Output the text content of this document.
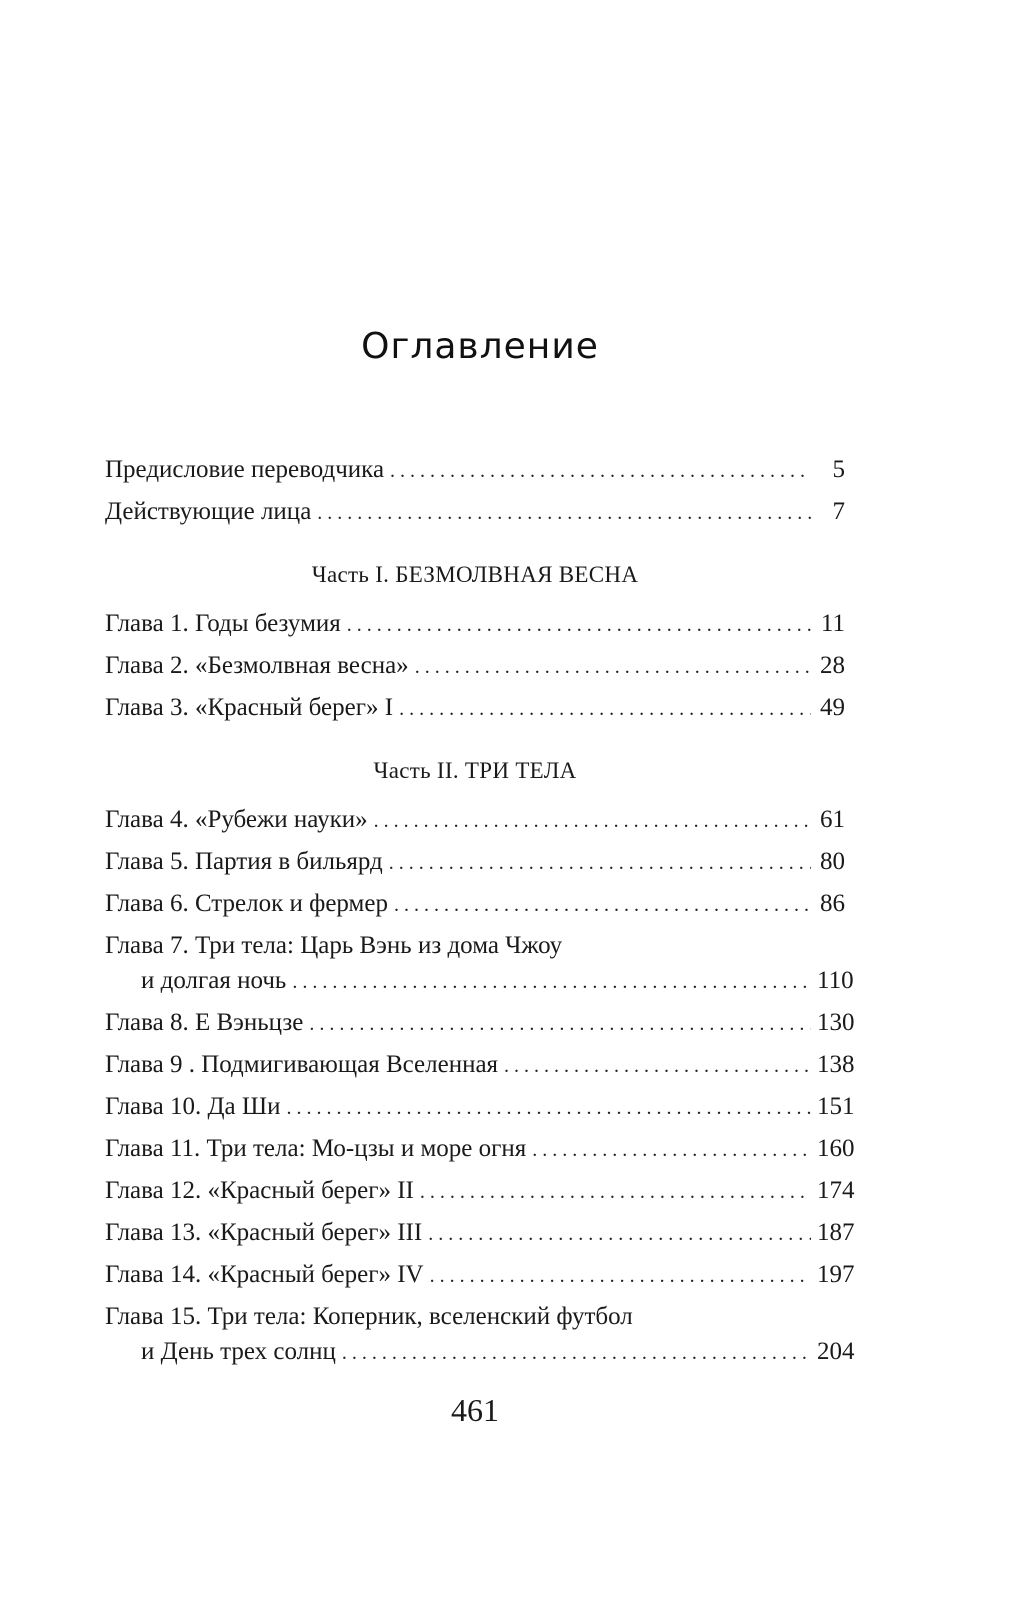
Оглавление
Предисловие переводчика . . .	5
Действующие лица . . .	7
Часть I. БЕЗМОЛВНАЯ ВЕСНА
Глава 1. Годы безумия . . .	11
Глава 2. «Безмолвная весна» . . .	28
Глава 3. «Красный берег» I . . .	49
Часть II. ТРИ ТЕЛА
Глава 4. «Рубежи науки» . . .	61
Глава 5. Партия в бильярд . . .	80
Глава 6. Стрелок и фермер . . .	86
Глава 7. Три тела: Царь Вэнь из дома Чжоу
и долгая ночь . . .	110
Глава 8. Е Вэньцзе . . .	130
Глава 9 . Подмигивающая Вселенная . . .	138
Глава 10. Да Ши . . .	151
Глава 11. Три тела: Мо-цзы и море огня . . .	160
Глава 12. «Красный берег» II . . .	174
Глава 13. «Красный берег» III . . .	187
Глава 14. «Красный берег» IV . . .	197
Глава 15. Три тела: Коперник, вселенский футбол
и День трех солнц . . .	204
461
